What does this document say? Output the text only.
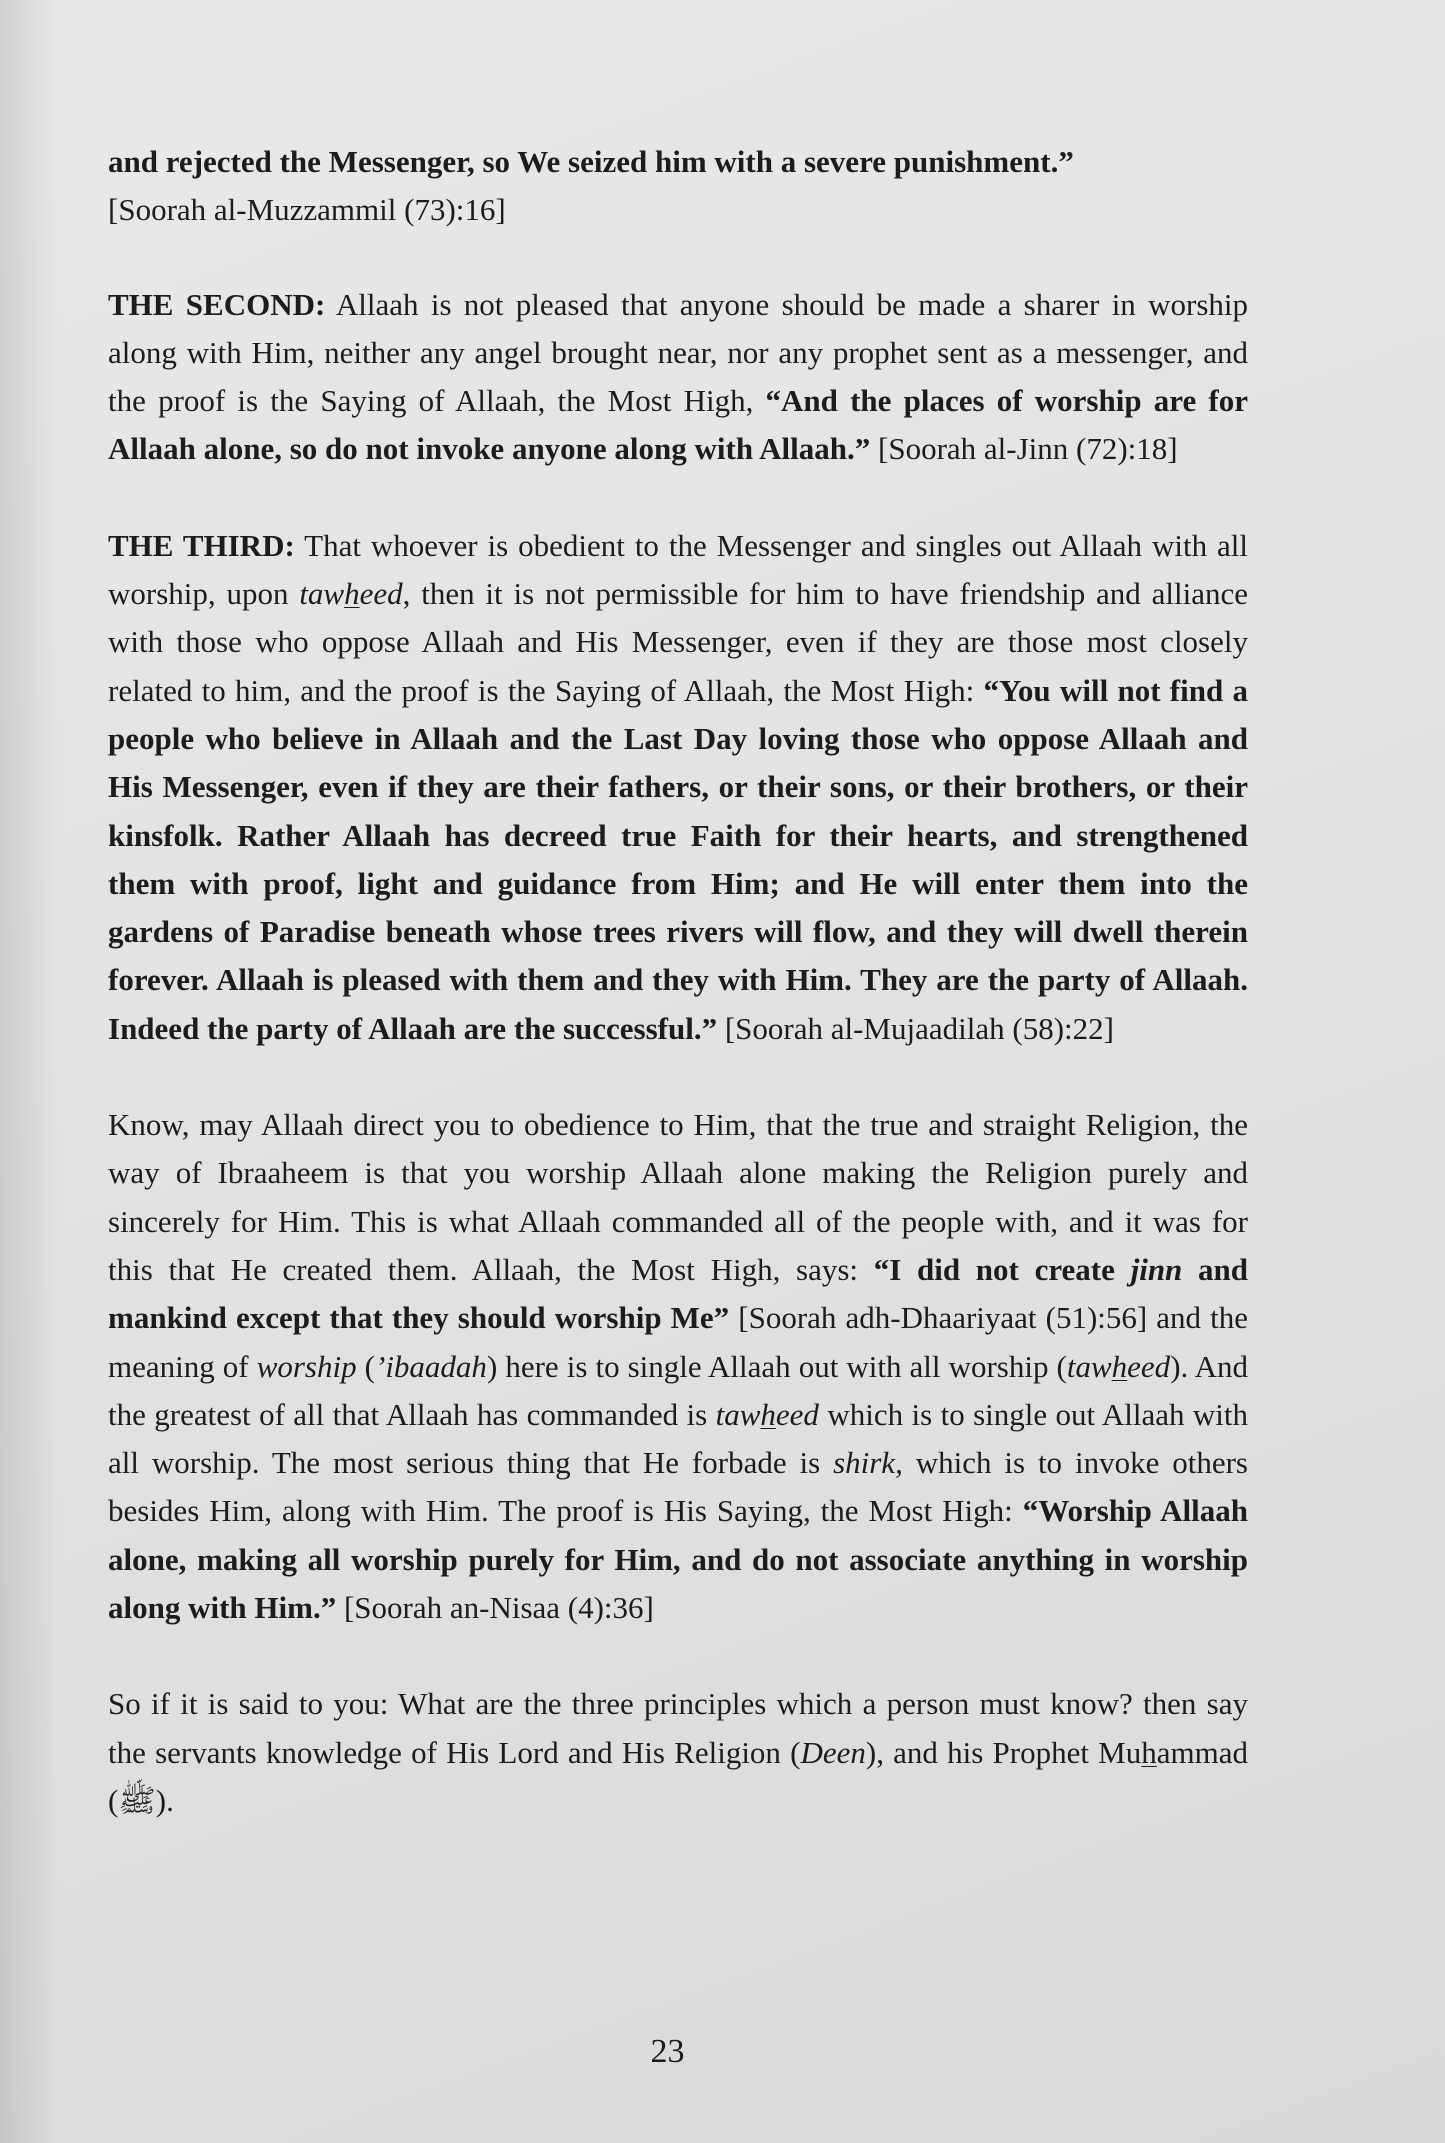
and rejected the Messenger, so We seized him with a severe punishment.”
[Soorah al-Muzzammil (73):16]

THE SECOND: Allaah is not pleased that anyone should be made a sharer in worship along with Him, neither any angel brought near, nor any prophet sent as a messenger, and the proof is the Saying of Allaah, the Most High, “And the places of worship are for Allaah alone, so do not invoke anyone along with Allaah.” [Soorah al-Jinn (72):18]

THE THIRD: That whoever is obedient to the Messenger and singles out Allaah with all worship, upon tawheed, then it is not permissible for him to have friendship and alliance with those who oppose Allaah and His Messenger, even if they are those most closely related to him, and the proof is the Saying of Allaah, the Most High: “You will not find a people who believe in Allaah and the Last Day loving those who oppose Allaah and His Messenger, even if they are their fathers, or their sons, or their brothers, or their kinsfolk. Rather Allaah has decreed true Faith for their hearts, and strengthened them with proof, light and guidance from Him; and He will enter them into the gardens of Paradise beneath whose trees rivers will flow, and they will dwell therein forever. Allaah is pleased with them and they with Him. They are the party of Allaah. Indeed the party of Allaah are the successful.” [Soorah al-Mujaadilah (58):22]

Know, may Allaah direct you to obedience to Him, that the true and straight Religion, the way of Ibraaheem is that you worship Allaah alone making the Religion purely and sincerely for Him. This is what Allaah commanded all of the people with, and it was for this that He created them. Allaah, the Most High, says: “I did not create jinn and mankind except that they should worship Me” [Soorah adh-Dhaariyaat (51):56] and the meaning of worship (’ibaadah) here is to single Allaah out with all worship (tawheed). And the greatest of all that Allaah has commanded is tawheed which is to single out Allaah with all worship. The most serious thing that He forbade is shirk, which is to invoke others besides Him, along with Him. The proof is His Saying, the Most High: “Worship Allaah alone, making all worship purely for Him, and do not associate anything in worship along with Him.” [Soorah an-Nisaa (4):36]

So if it is said to you: What are the three principles which a person must know? then say the servants knowledge of His Lord and His Religion (Deen), and his Prophet Muhammad (ﷺ).

23
